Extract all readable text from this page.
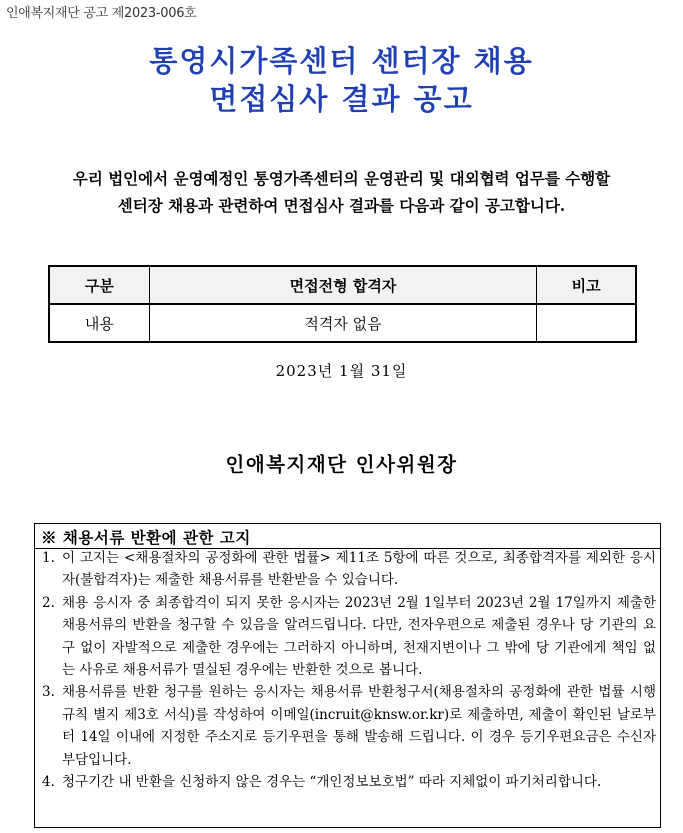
인애복지재단 공고 제2023-006호
통영시가족센터 센터장 채용
면접심사 결과 공고
우리 법인에서 운영예정인 통영가족센터의 운영관리 및 대외협력 업무를 수행할
센터장 채용과 관련하여 면접심사 결과를 다음과 같이 공고합니다.
구분	면접전형 합격자	비고
내용	적격자 없음	
2023년 1월 31일
인애복지재단 인사위원장
※ 채용서류 반환에 관한 고지
1. 이 고지는 <채용절차의 공정화에 관한 법률> 제11조 5항에 따른 것으로, 최종합격자를 제외한 응시자(불합격자)는 제출한 채용서류를 반환받을 수 있습니다.
2. 채용 응시자 중 최종합격이 되지 못한 응시자는 2023년 2월 1일부터 2023년 2월 17일까지 제출한 채용서류의 반환을 청구할 수 있음을 알려드립니다. 다만, 전자우편으로 제출된 경우나 당 기관의 요구 없이 자발적으로 제출한 경우에는 그러하지 아니하며, 천재지변이나 그 밖에 당 기관에게 책임 없는 사유로 채용서류가 멸실된 경우에는 반환한 것으로 봅니다.
3. 채용서류를 반환 청구를 원하는 응시자는 채용서류 반환청구서(채용절차의 공정화에 관한 법률 시행규칙 별지 제3호 서식)를 작성하여 이메일(incruit@knsw.or.kr)로 제출하면, 제출이 확인된 날로부터 14일 이내에 지정한 주소지로 등기우편을 통해 발송해 드립니다. 이 경우 등기우편요금은 수신자 부담입니다.
4. 청구기간 내 반환을 신청하지 않은 경우는 “개인정보보호법” 따라 지체없이 파기처리합니다.
